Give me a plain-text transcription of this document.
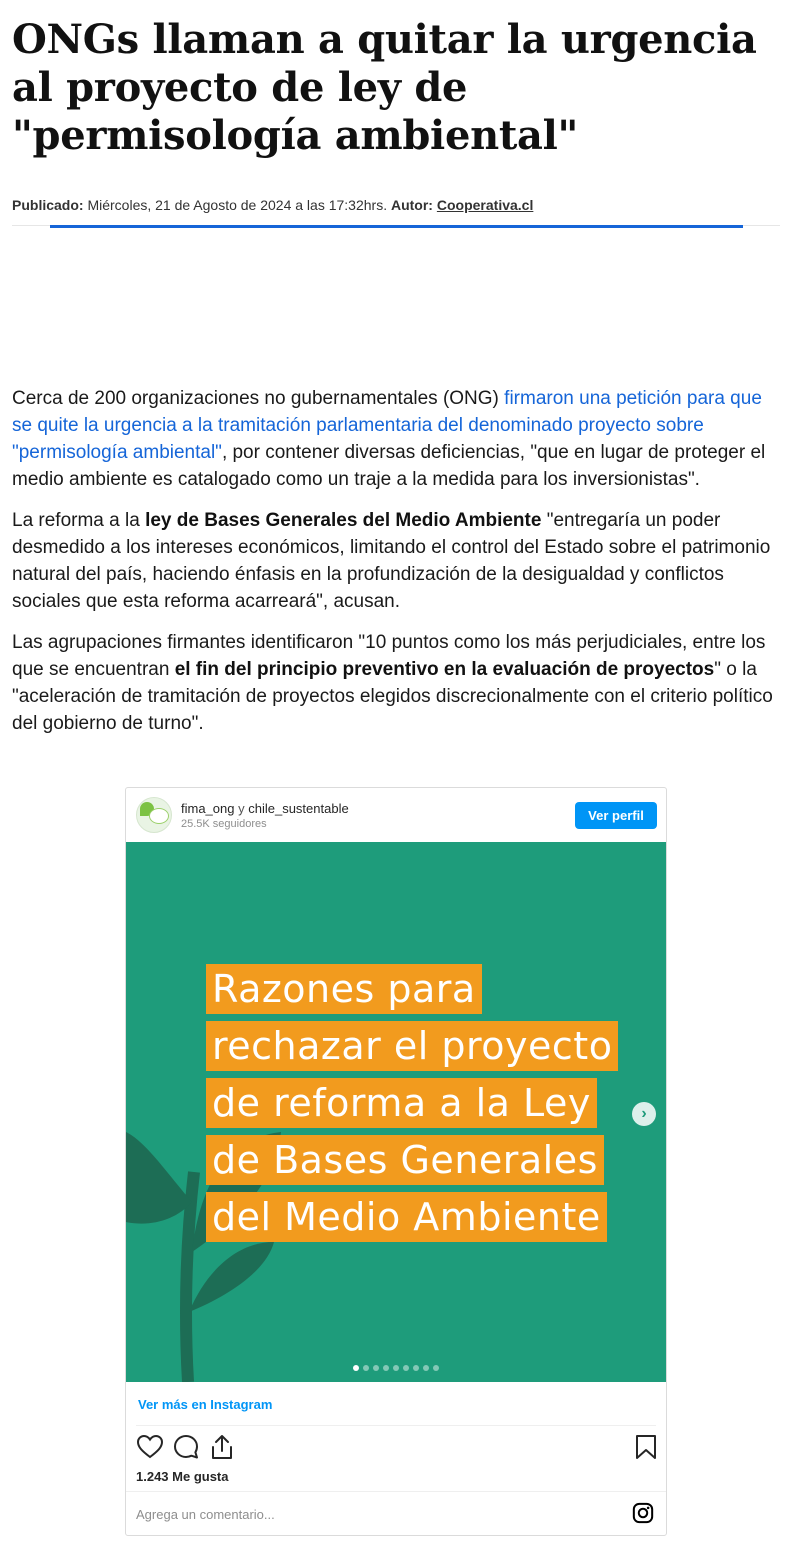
ONGs llaman a quitar la urgencia al proyecto de ley de "permisología ambiental"
Publicado: Miércoles, 21 de Agosto de 2024 a las 17:32hrs. Autor: Cooperativa.cl

Cerca de 200 organizaciones no gubernamentales (ONG) firmaron una petición para que se quite la urgencia a la tramitación parlamentaria del denominado proyecto sobre "permisología ambiental", por contener diversas deficiencias, "que en lugar de proteger el medio ambiente es catalogado como un traje a la medida para los inversionistas".

La reforma a la ley de Bases Generales del Medio Ambiente "entregaría un poder desmedido a los intereses económicos, limitando el control del Estado sobre el patrimonio natural del país, haciendo énfasis en la profundización de la desigualdad y conflictos sociales que esta reforma acarreará", acusan.

Las agrupaciones firmantes identificaron "10 puntos como los más perjudiciales, entre los que se encuentran el fin del principio preventivo en la evaluación de proyectos" o la "aceleración de tramitación de proyectos elegidos discrecionalmente con el criterio político del gobierno de turno".

fima_ong y chile_sustentable
25.5K seguidores
Ver perfil
Razones para
rechazar el proyecto
de reforma a la Ley
de Bases Generales
del Medio Ambiente
›
Ver más en Instagram
1.243 Me gusta
Agrega un comentario...
